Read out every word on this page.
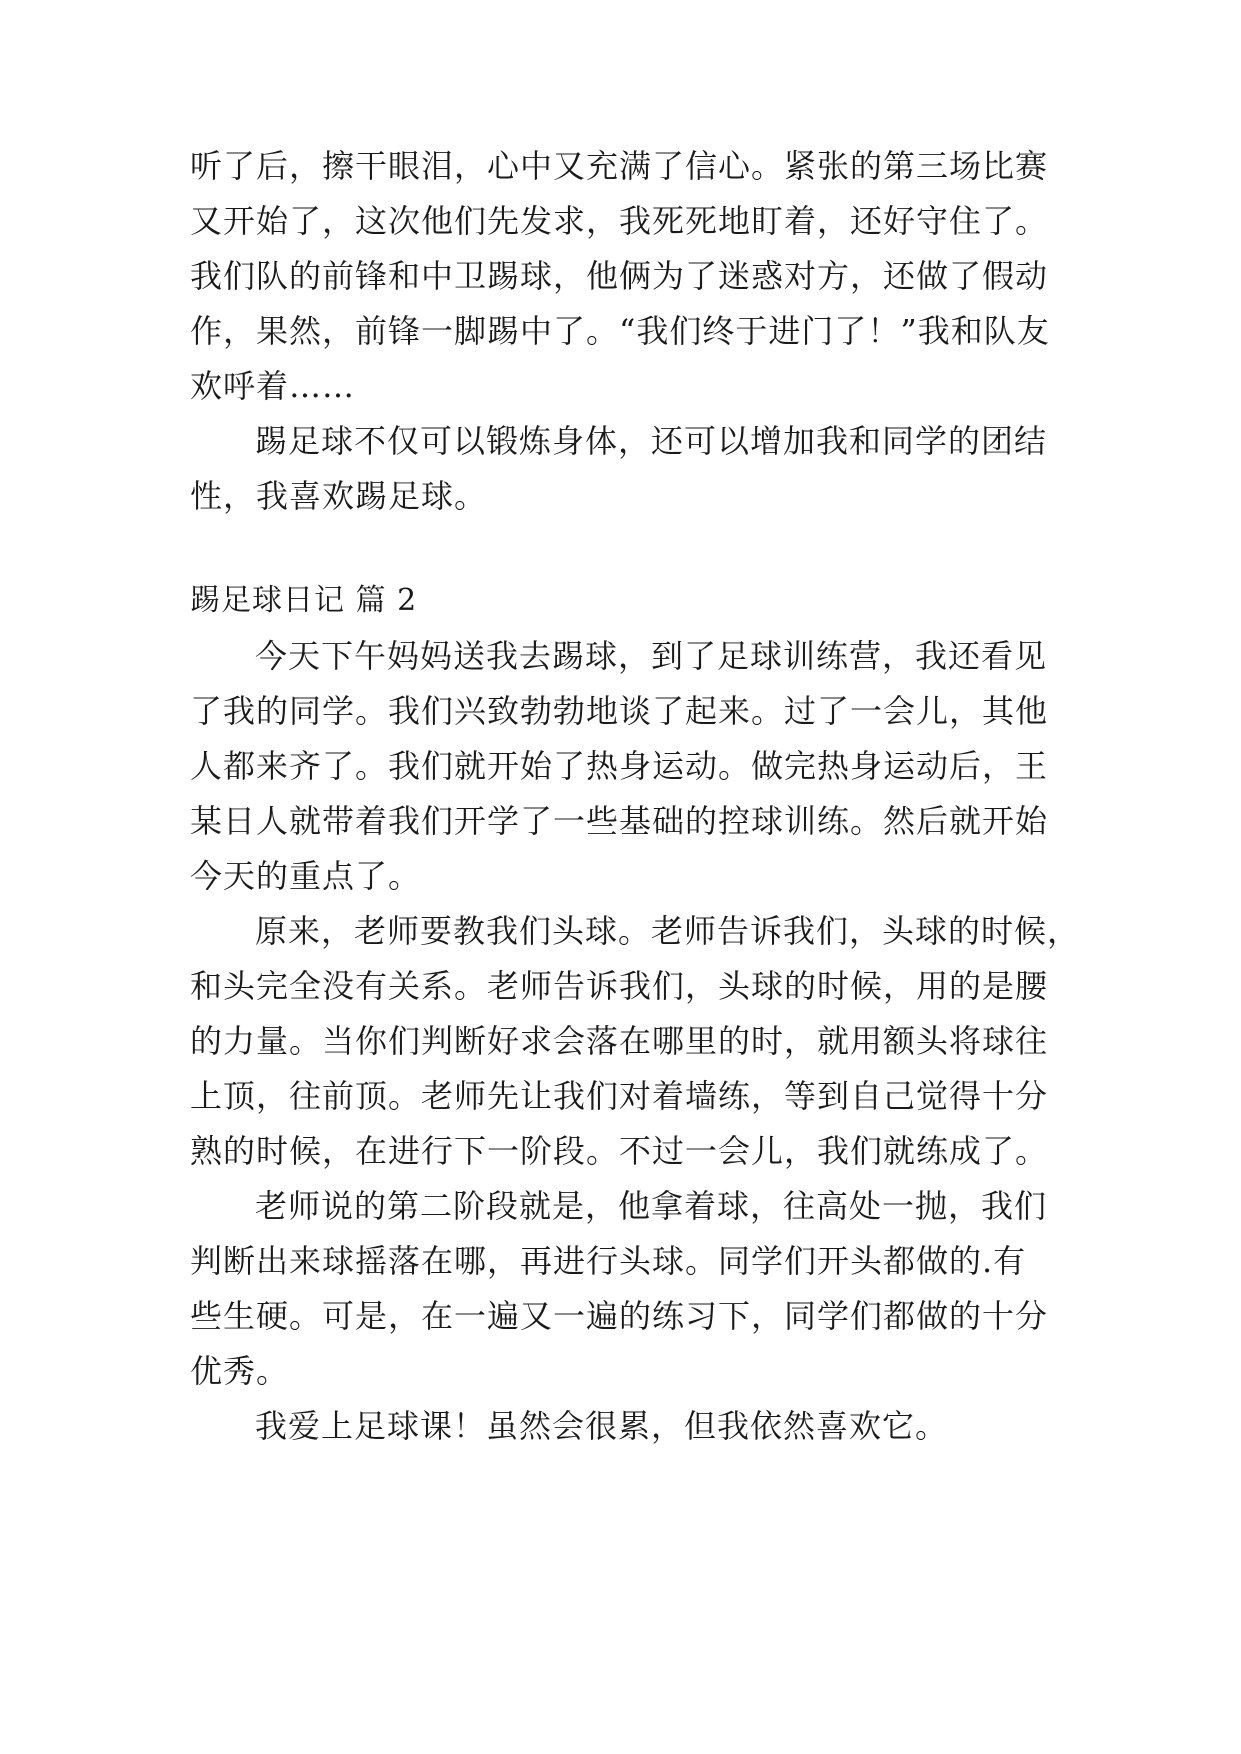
听了后，擦干眼泪，心中又充满了信心。紧张的第三场比赛
又开始了，这次他们先发求，我死死地盯着，还好守住了。
我们队的前锋和中卫踢球，他俩为了迷惑对方，还做了假动
作，果然，前锋一脚踢中了。“我们终于进门了！”我和队友
欢呼着……
踢足球不仅可以锻炼身体，还可以增加我和同学的团结
性，我喜欢踢足球。
踢足球日记 篇 2
今天下午妈妈送我去踢球，到了足球训练营，我还看见
了我的同学。我们兴致勃勃地谈了起来。过了一会儿，其他
人都来齐了。我们就开始了热身运动。做完热身运动后，王
某日人就带着我们开学了一些基础的控球训练。然后就开始
今天的重点了。
原来，老师要教我们头球。老师告诉我们，头球的时候，
和头完全没有关系。老师告诉我们，头球的时候，用的是腰
的力量。当你们判断好求会落在哪里的时，就用额头将球往
上顶，往前顶。老师先让我们对着墙练，等到自己觉得十分
熟的时候，在进行下一阶段。不过一会儿，我们就练成了。
老师说的第二阶段就是，他拿着球，往高处一抛，我们
判断出来球摇落在哪，再进行头球。同学们开头都做的.有
些生硬。可是，在一遍又一遍的练习下，同学们都做的十分
优秀。
我爱上足球课！虽然会很累，但我依然喜欢它。
